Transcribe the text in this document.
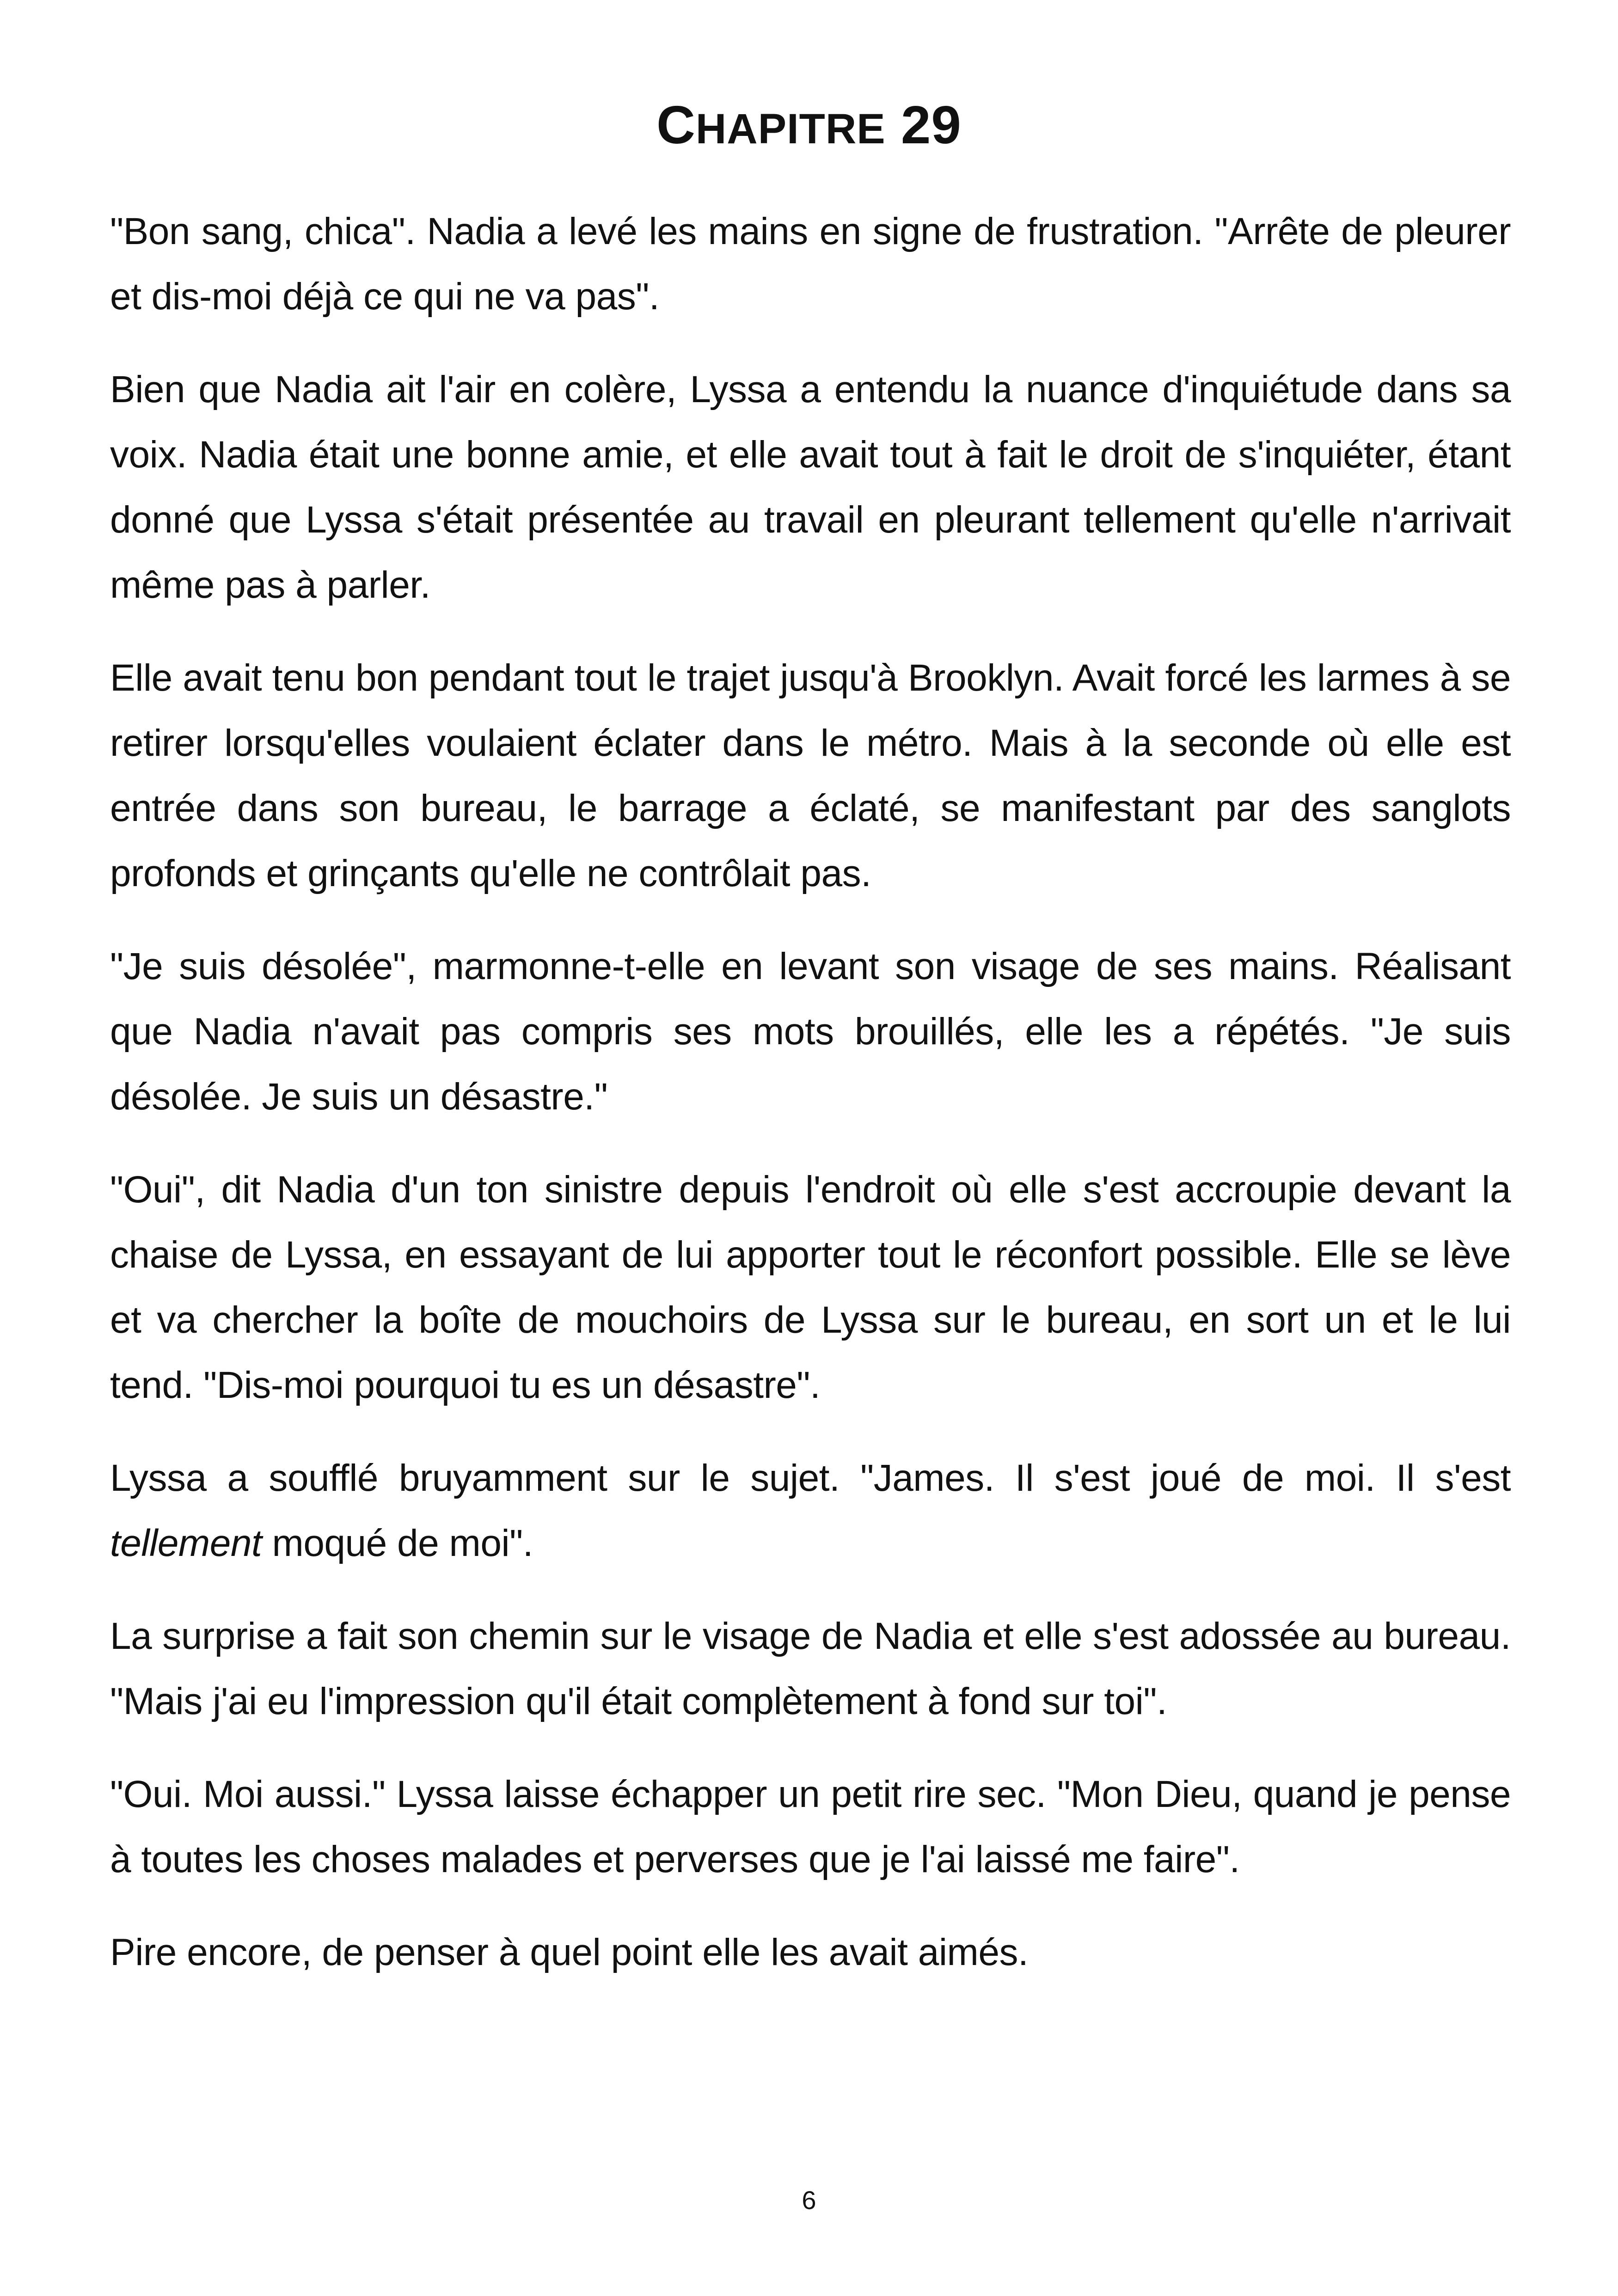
CHAPITRE 29

"Bon sang, chica". Nadia a levé les mains en signe de frustration. "Arrête de pleurer et dis-moi déjà ce qui ne va pas".

Bien que Nadia ait l'air en colère, Lyssa a entendu la nuance d'inquiétude dans sa voix. Nadia était une bonne amie, et elle avait tout à fait le droit de s'inquiéter, étant donné que Lyssa s'était présentée au travail en pleurant tellement qu'elle n'arrivait même pas à parler.

Elle avait tenu bon pendant tout le trajet jusqu'à Brooklyn. Avait forcé les larmes à se retirer lorsqu'elles voulaient éclater dans le métro. Mais à la seconde où elle est entrée dans son bureau, le barrage a éclaté, se manifestant par des sanglots profonds et grinçants qu'elle ne contrôlait pas.

"Je suis désolée", marmonne-t-elle en levant son visage de ses mains. Réalisant que Nadia n'avait pas compris ses mots brouillés, elle les a répétés. "Je suis désolée. Je suis un désastre."

"Oui", dit Nadia d'un ton sinistre depuis l'endroit où elle s'est accroupie devant la chaise de Lyssa, en essayant de lui apporter tout le réconfort possible. Elle se lève et va chercher la boîte de mouchoirs de Lyssa sur le bureau, en sort un et le lui tend. "Dis-moi pourquoi tu es un désastre".

Lyssa a soufflé bruyamment sur le sujet. "James. Il s'est joué de moi. Il s'est tellement moqué de moi".

La surprise a fait son chemin sur le visage de Nadia et elle s'est adossée au bureau. "Mais j'ai eu l'impression qu'il était complètement à fond sur toi".

"Oui. Moi aussi." Lyssa laisse échapper un petit rire sec. "Mon Dieu, quand je pense à toutes les choses malades et perverses que je l'ai laissé me faire".

Pire encore, de penser à quel point elle les avait aimés.

6
